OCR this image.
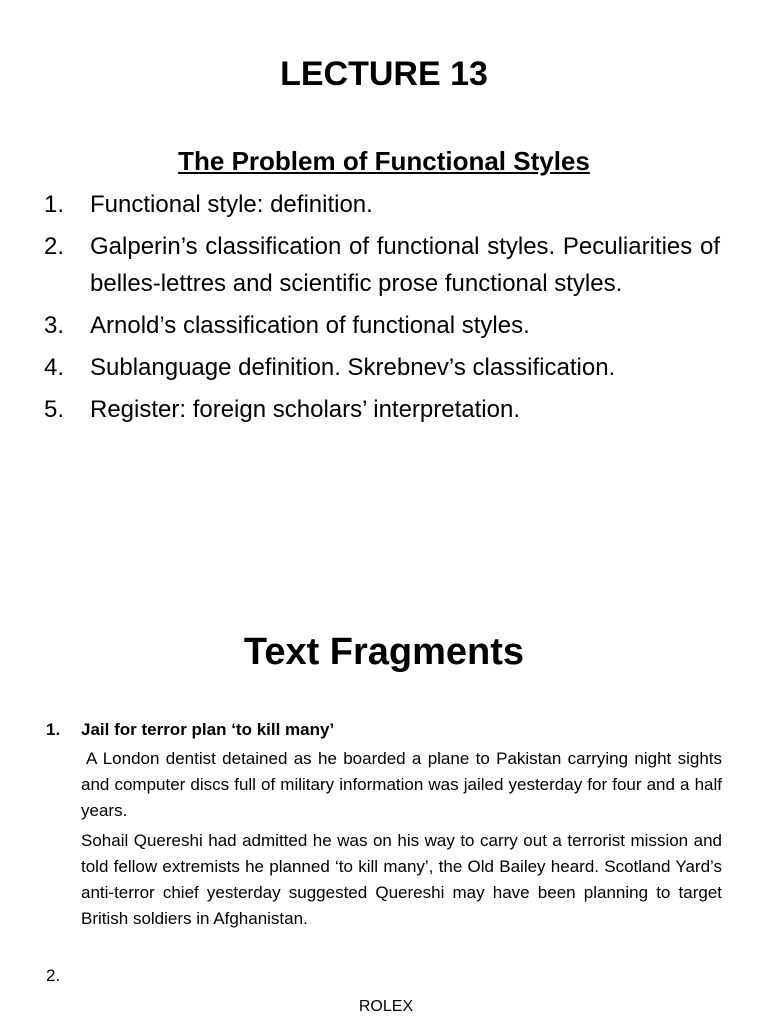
LECTURE 13
The Problem of Functional Styles
1. Functional style: definition.
2. Galperin’s classification of functional styles. Peculiarities of belles-lettres and scientific prose functional styles.
3. Arnold’s classification of functional styles.
4. Sublanguage definition. Skrebnev’s classification.
5. Register: foreign scholars’ interpretation.
Text Fragments
1. Jail for terror plan ‘to kill many’

A London dentist detained as he boarded a plane to Pakistan carrying night sights and computer discs full of military information was jailed yesterday for four and a half years.

Sohail Quereshi had admitted he was on his way to carry out a terrorist mission and told fellow extremists he planned ‘to kill many’, the Old Bailey heard. Scotland Yard’s anti-terror chief yesterday suggested Quereshi may have been planning to target British soldiers in Afghanistan.

2.
ROLEX
